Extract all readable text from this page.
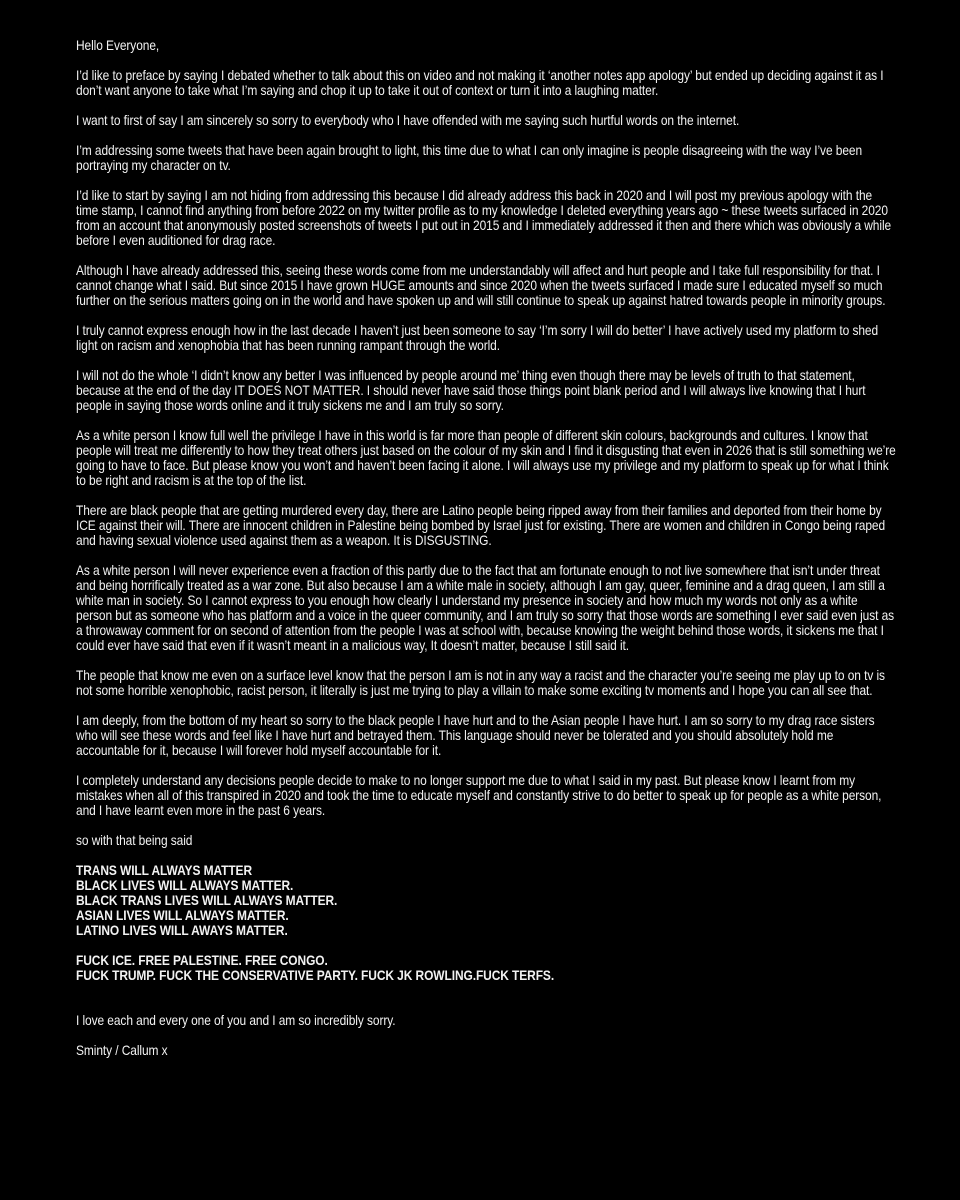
Hello Everyone,

I’d like to preface by saying I debated whether to talk about this on video and not making it ‘another notes app apology’ but ended up deciding against it as I don’t want anyone to take what I’m saying and chop it up to take it out of context or turn it into a laughing matter.

I want to first of say I am sincerely so sorry to everybody who I have offended with me saying such hurtful words on the internet.

I’m addressing some tweets that have been again brought to light, this time due to what I can only imagine is people disagreeing with the way I’ve been portraying my character on tv.

I’d like to start by saying I am not hiding from addressing this because I did already address this back in 2020 and I will post my previous apology with the time stamp, I cannot find anything from before 2022 on my twitter profile as to my knowledge I deleted everything years ago ~ these tweets surfaced in 2020 from an account that anonymously posted screenshots of tweets I put out in 2015 and I immediately addressed it then and there which was obviously a while before I even auditioned for drag race.

Although I have already addressed this, seeing these words come from me understandably will affect and hurt people and I take full responsibility for that. I cannot change what I said. But since 2015 I have grown HUGE amounts and since 2020 when the tweets surfaced I made sure I educated myself so much further on the serious matters going on in the world and have spoken up and will still continue to speak up against hatred towards people in minority groups.

I truly cannot express enough how in the last decade I haven’t just been someone to say ‘I’m sorry I will do better’ I have actively used my platform to shed light on racism and xenophobia that has been running rampant through the world.

I will not do the whole ‘I didn’t know any better I was influenced by people around me’ thing even though there may be levels of truth to that statement, because at the end of the day IT DOES NOT MATTER. I should never have said those things point blank period and I will always live knowing that I hurt people in saying those words online and it truly sickens me and I am truly so sorry.

As a white person I know full well the privilege I have in this world is far more than people of different skin colours, backgrounds and cultures. I know that people will treat me differently to how they treat others just based on the colour of my skin and I find it disgusting that even in 2026 that is still something we’re going to have to face. But please know you won’t and haven’t been facing it alone. I will always use my privilege and my platform to speak up for what I think to be right and racism is at the top of the list.

There are black people that are getting murdered every day, there are Latino people being ripped away from their families and deported from their home by ICE against their will. There are innocent children in Palestine being bombed by Israel just for existing. There are women and children in Congo being raped and having sexual violence used against them as a weapon. It is DISGUSTING.

As a white person I will never experience even a fraction of this partly due to the fact that am fortunate enough to not live somewhere that isn’t under threat and being horrifically treated as a war zone. But also because I am a white male in society, although I am gay, queer, feminine and a drag queen, I am still a white man in society. So I cannot express to you enough how clearly I understand my presence in society and how much my words not only as a white person but as someone who has platform and a voice in the queer community, and I am truly so sorry that those words are something I ever said even just as a throwaway comment for on second of attention from the people I was at school with, because knowing the weight behind those words, it sickens me that I could ever have said that even if it wasn’t meant in a malicious way, It doesn’t matter, because I still said it.

The people that know me even on a surface level know that the person I am is not in any way a racist and the character you’re seeing me play up to on tv is not some horrible xenophobic, racist person, it literally is just me trying to play a villain to make some exciting tv moments and I hope you can all see that.

I am deeply, from the bottom of my heart so sorry to the black people I have hurt and to the Asian people I have hurt. I am so sorry to my drag race sisters who will see these words and feel like I have hurt and betrayed them. This language should never be tolerated and you should absolutely hold me accountable for it, because I will forever hold myself accountable for it.

I completely understand any decisions people decide to make to no longer support me due to what I said in my past. But please know I learnt from my mistakes when all of this transpired in 2020 and took the time to educate myself and constantly strive to do better to speak up for people as a white person, and I have learnt even more in the past 6 years.

so with that being said

TRANS WILL ALWAYS MATTER
BLACK LIVES WILL ALWAYS MATTER.
BLACK TRANS LIVES WILL ALWAYS MATTER.
ASIAN LIVES WILL ALWAYS MATTER.
LATINO LIVES WILL AWAYS MATTER.
FUCK ICE. FREE PALESTINE. FREE CONGO.
FUCK TRUMP. FUCK THE CONSERVATIVE PARTY. FUCK JK ROWLING.FUCK TERFS.

I love each and every one of you and I am so incredibly sorry.

Sminty / Callum x
